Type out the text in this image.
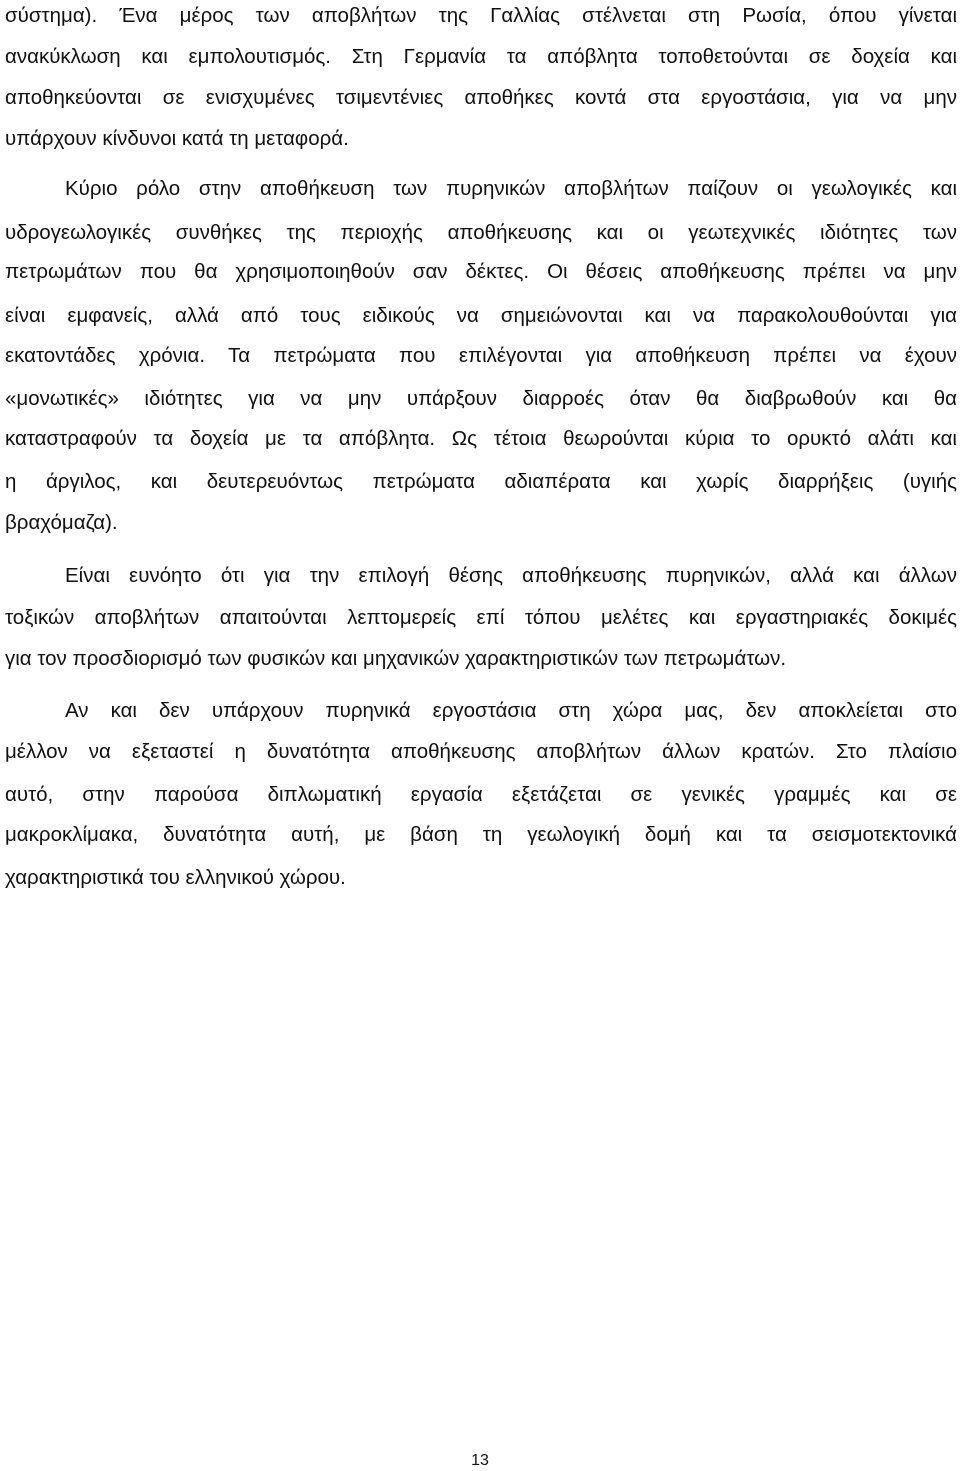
σύστημα). Ένα μέρος των αποβλήτων της Γαλλίας στέλνεται στη Ρωσία, όπου γίνεται
ανακύκλωση και εμπολουτισμός. Στη Γερμανία τα απόβλητα τοποθετούνται σε δοχεία και
αποθηκεύονται σε ενισχυμένες τσιμεντένιες αποθήκες κοντά στα εργοστάσια, για να μην
υπάρχουν κίνδυνοι κατά τη μεταφορά.
Κύριο ρόλο στην αποθήκευση των πυρηνικών αποβλήτων παίζουν οι γεωλογικές και
υδρογεωλογικές συνθήκες της περιοχής αποθήκευσης και οι γεωτεχνικές ιδιότητες των
πετρωμάτων που θα χρησιμοποιηθούν σαν δέκτες. Οι θέσεις αποθήκευσης πρέπει να μην
είναι εμφανείς, αλλά από τους ειδικούς να σημειώνονται και να παρακολουθούνται για
εκατοντάδες χρόνια. Τα πετρώματα που επιλέγονται για αποθήκευση πρέπει να έχουν
«μονωτικές» ιδιότητες για να μην υπάρξουν διαρροές όταν θα διαβρωθούν και θα
καταστραφούν τα δοχεία με τα απόβλητα. Ως τέτοια θεωρούνται κύρια το ορυκτό αλάτι και
η άργιλος, και δευτερευόντως πετρώματα αδιαπέρατα και χωρίς διαρρήξεις (υγιής
βραχόμαζα).
Είναι ευνόητο ότι για την επιλογή θέσης αποθήκευσης πυρηνικών, αλλά και άλλων
τοξικών αποβλήτων απαιτούνται λεπτομερείς επί τόπου μελέτες και εργαστηριακές δοκιμές
για τον προσδιορισμό των φυσικών και μηχανικών χαρακτηριστικών των πετρωμάτων.
Αν και δεν υπάρχουν πυρηνικά εργοστάσια στη χώρα μας, δεν αποκλείεται στο
μέλλον να εξεταστεί η δυνατότητα αποθήκευσης αποβλήτων άλλων κρατών. Στο πλαίσιο
αυτό, στην παρούσα διπλωματική εργασία εξετάζεται σε γενικές γραμμές και σε
μακροκλίμακα, δυνατότητα αυτή, με βάση τη γεωλογική δομή και τα σεισμοτεκτονικά
χαρακτηριστικά του ελληνικού χώρου.
13
